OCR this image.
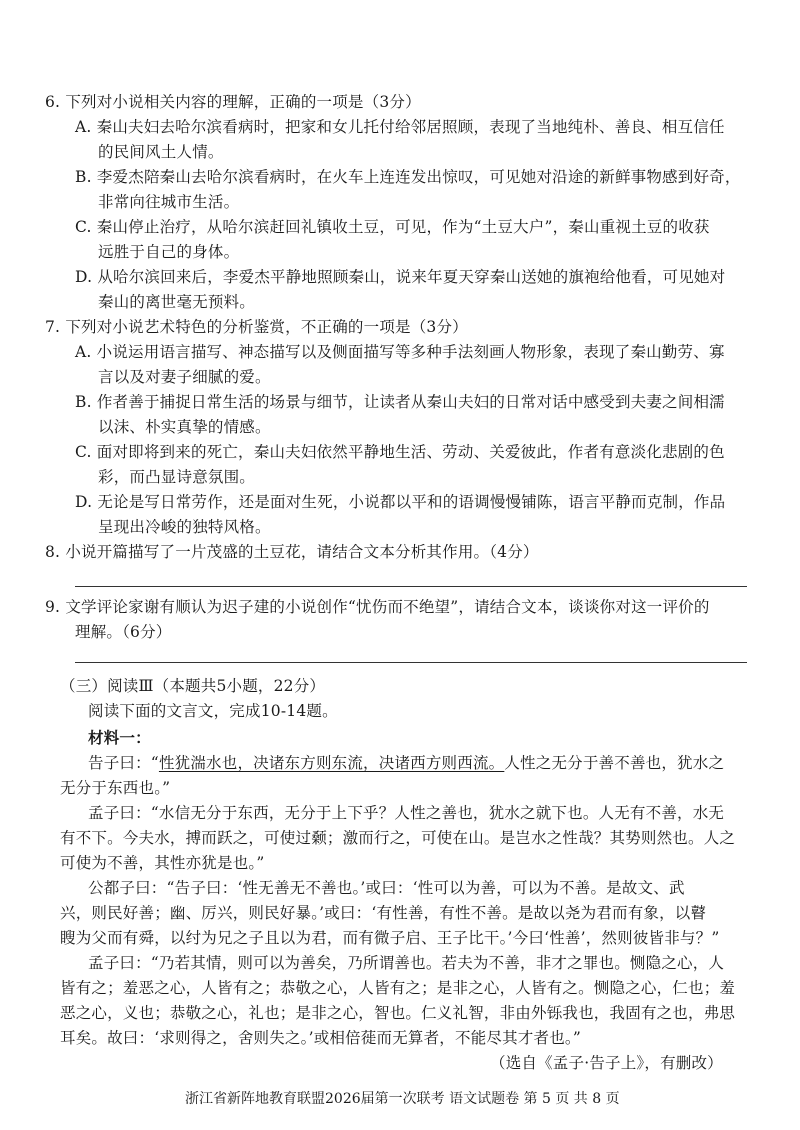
6. 下列对小说相关内容的理解，正确的一项是（3分）
A. 秦山夫妇去哈尔滨看病时，把家和女儿托付给邻居照顾，表现了当地纯朴、善良、相互信任
的民间风土人情。
B. 李爱杰陪秦山去哈尔滨看病时，在火车上连连发出惊叹，可见她对沿途的新鲜事物感到好奇，
非常向往城市生活。
C. 秦山停止治疗，从哈尔滨赶回礼镇收土豆，可见，作为“土豆大户”，秦山重视土豆的收获
远胜于自己的身体。
D. 从哈尔滨回来后，李爱杰平静地照顾秦山，说来年夏天穿秦山送她的旗袍给他看，可见她对
秦山的离世毫无预料。
7. 下列对小说艺术特色的分析鉴赏，不正确的一项是（3分）
A. 小说运用语言描写、神态描写以及侧面描写等多种手法刻画人物形象，表现了秦山勤劳、寡
言以及对妻子细腻的爱。
B. 作者善于捕捉日常生活的场景与细节，让读者从秦山夫妇的日常对话中感受到夫妻之间相濡
以沫、朴实真挚的情感。
C. 面对即将到来的死亡，秦山夫妇依然平静地生活、劳动、关爱彼此，作者有意淡化悲剧的色
彩，而凸显诗意氛围。
D. 无论是写日常劳作，还是面对生死，小说都以平和的语调慢慢铺陈，语言平静而克制，作品
呈现出冷峻的独特风格。
8. 小说开篇描写了一片茂盛的土豆花，请结合文本分析其作用。（4分）
9. 文学评论家谢有顺认为迟子建的小说创作“忧伤而不绝望”，请结合文本，谈谈你对这一评价的
理解。（6分）
（三）阅读Ⅲ（本题共5小题，22分）
阅读下面的文言文，完成10-14题。
材料一：
告子曰：“性犹湍水也，决诸东方则东流，决诸西方则西流。人性之无分于善不善也，犹水之
无分于东西也。”
孟子曰：“水信无分于东西，无分于上下乎？人性之善也，犹水之就下也。人无有不善，水无
有不下。今夫水，搏而跃之，可使过颡；激而行之，可使在山。是岂水之性哉？其势则然也。人之
可使为不善，其性亦犹是也。”
公都子曰：“告子曰：‘性无善无不善也。’或曰：‘性可以为善，可以为不善。是故文、武
兴，则民好善；幽、厉兴，则民好暴。’或曰：‘有性善，有性不善。是故以尧为君而有象，以瞽
瞍为父而有舜，以纣为兄之子且以为君，而有微子启、王子比干。’今曰‘性善’，然则彼皆非与？”
孟子曰：“乃若其情，则可以为善矣，乃所谓善也。若夫为不善，非才之罪也。恻隐之心，人
皆有之；羞恶之心，人皆有之；恭敬之心，人皆有之；是非之心，人皆有之。恻隐之心，仁也；羞
恶之心，义也；恭敬之心，礼也；是非之心，智也。仁义礼智，非由外铄我也，我固有之也，弗思
耳矣。故曰：‘求则得之，舍则失之。’或相倍蓰而无算者，不能尽其才者也。”
（选自《孟子·告子上》，有删改）
浙江省新阵地教育联盟2026届第一次联考 语文试题卷 第 5 页 共 8 页
